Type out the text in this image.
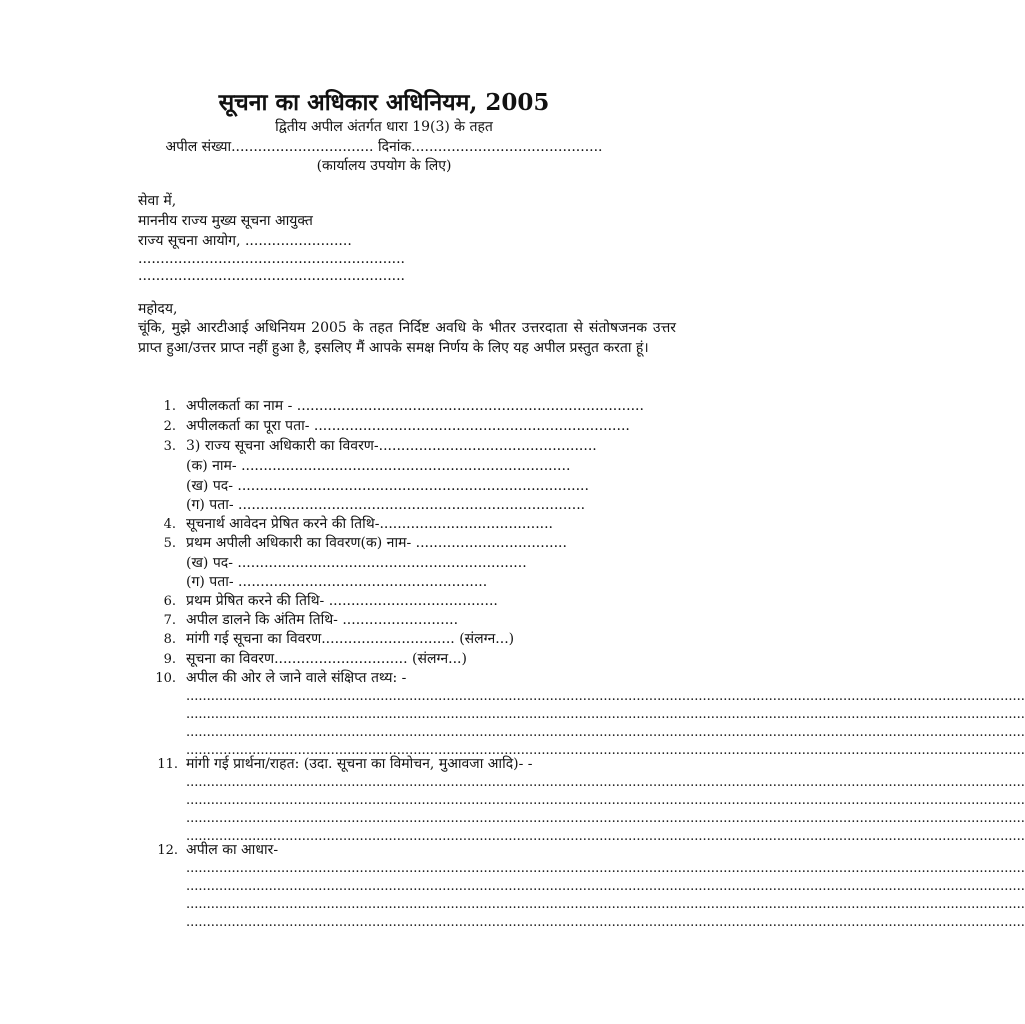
सूचना का अधिकार अधिनियम, 2005
द्वितीय अपील अंतर्गत धारा 19(3) के तहत
अपील संख्या................................ दिनांक...........................................
(कार्यालय उपयोग के लिए)
सेवा में,
माननीय राज्य मुख्य सूचना आयुक्त
राज्य सूचना आयोग, ........................
............................................................
............................................................
महोदय,
चूंकि, मुझे आरटीआई अधिनियम 2005 के तहत निर्दिष्ट अवधि के भीतर उत्तरदाता से संतोषजनक उत्तर प्राप्त हुआ/उत्तर प्राप्त नहीं हुआ है, इसलिए मैं आपके समक्ष निर्णय के लिए यह अपील प्रस्तुत करता हूं।
1. अपीलकर्ता का नाम - ..............................................................................
2. अपीलकर्ता का पूरा पता- .......................................................................
3. 3) राज्य सूचना अधिकारी का विवरण-.................................................
(क) नाम- ..........................................................................
(ख) पद- ...............................................................................
(ग) पता- ..............................................................................
4. सूचनार्थ आवेदन प्रेषित करने की तिथि-.......................................
5. प्रथम अपीली अधिकारी का विवरण(क) नाम- ..................................
(ख) पद- .................................................................
(ग) पता- ........................................................
6. प्रथम प्रेषित करने की तिथि- ......................................
7. अपील डालने कि अंतिम तिथि- ..........................
8. मांगी गई सूचना का विवरण.............................. (संलग्न...)
9. सूचना का विवरण.............................. (संलग्न...)
10. अपील की ओर ले जाने वाले संक्षिप्त तथ्य: -
...........................................................................................................................................................................................................
...........................................................................................................................................................................................................
...........................................................................................................................................................................................................
...........................................................................................................................................................................................................
11. मांगी गई प्रार्थना/राहत: (उदा. सूचना का विमोचन, मुआवजा आदि)- -
...........................................................................................................................................................................................................
...........................................................................................................................................................................................................
...........................................................................................................................................................................................................
...........................................................................................................................................................................................................
12. अपील का आधार-
...........................................................................................................................................................................................................
...........................................................................................................................................................................................................
...........................................................................................................................................................................................................
...........................................................................................................................................................................................................
